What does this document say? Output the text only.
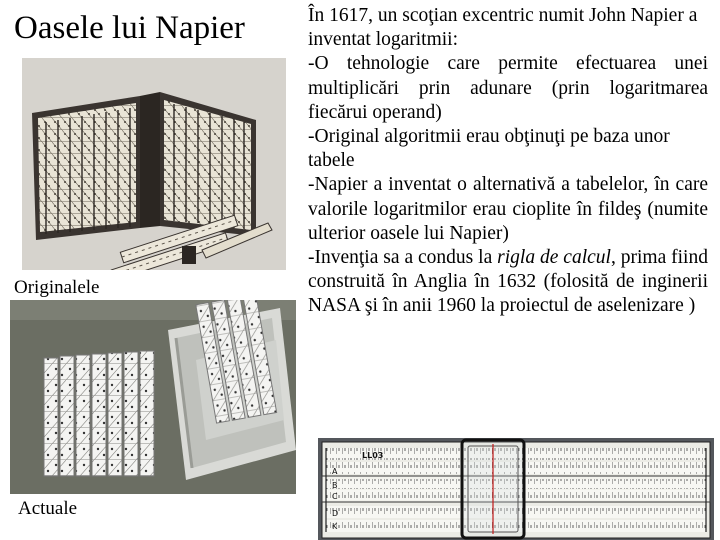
Oasele lui Napier
Originalele
Actuale

În 1617, un scoţian excentric numit John Napier a inventat logaritmii:

-O tehnologie care permite efectuarea unei multiplicări prin adunare (prin logaritmarea fiecărui operand)

-Original algoritmii erau obţinuţi pe baza unor tabele

-Napier a inventat o alternativă a tabelelor, în care valorile logaritmilor erau cioplite în fildeş (numite ulterior oasele lui Napier)

-Invenţia sa a condus la rigla de calcul, prima fiind construită în Anglia în 1632 (folosită de inginerii NASA şi în anii 1960 la proiectul de aselenizare )

LL03
A
B
C
D
K
